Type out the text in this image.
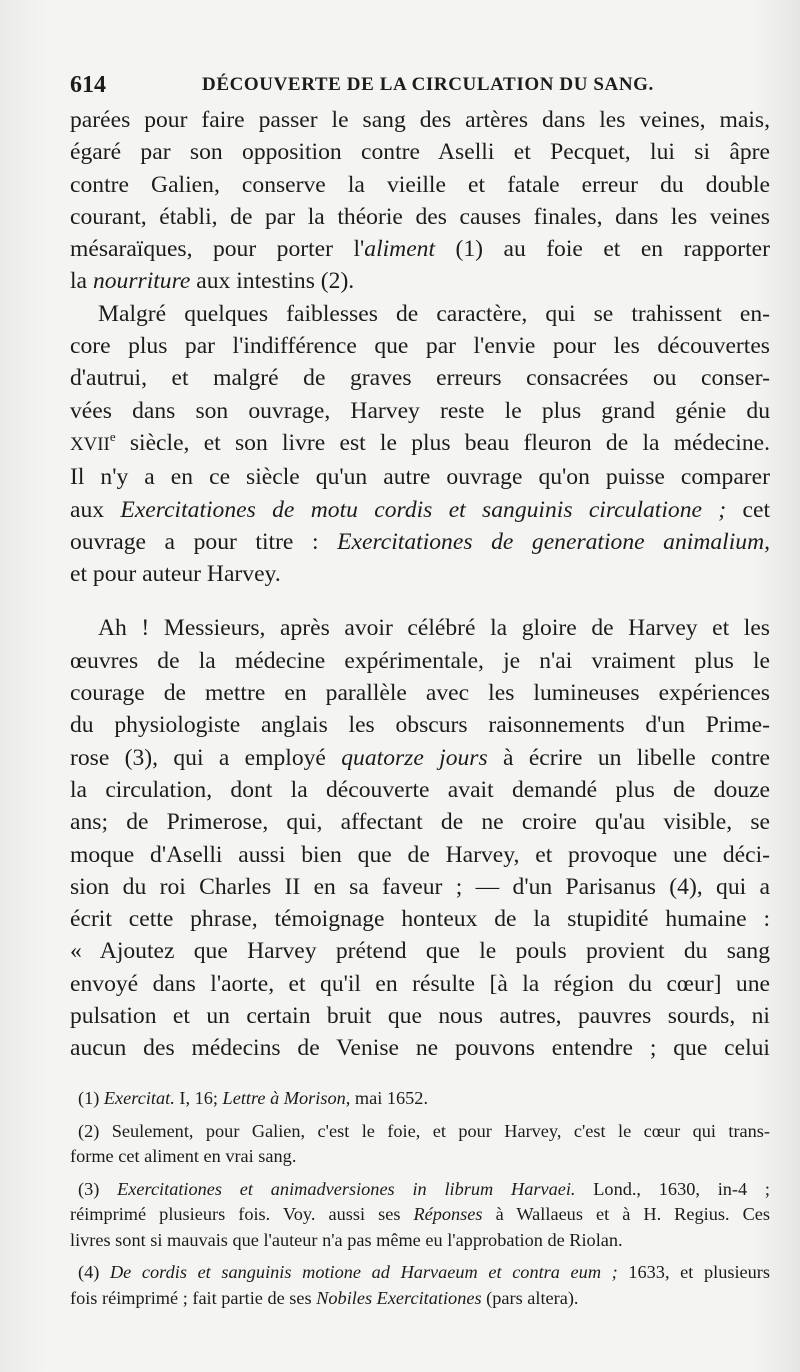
614	DÉCOUVERTE DE LA CIRCULATION DU SANG.
parées pour faire passer le sang des artères dans les veines, mais,
égaré par son opposition contre Aselli et Pecquet, lui si âpre
contre Galien, conserve la vieille et fatale erreur du double
courant, établi, de par la théorie des causes finales, dans les veines
mésaraïques, pour porter l'aliment (1) au foie et en rapporter
la nourriture aux intestins (2).
Malgré quelques faiblesses de caractère, qui se trahissent en-
core plus par l'indifférence que par l'envie pour les découvertes
d'autrui, et malgré de graves erreurs consacrées ou conser-
vées dans son ouvrage, Harvey reste le plus grand génie du
XVIIe siècle, et son livre est le plus beau fleuron de la médecine.
Il n'y a en ce siècle qu'un autre ouvrage qu'on puisse comparer
aux Exercitationes de motu cordis et sanguinis circulatione ; cet
ouvrage a pour titre : Exercitationes de generatione animalium,
et pour auteur Harvey.
Ah ! Messieurs, après avoir célébré la gloire de Harvey et les
œuvres de la médecine expérimentale, je n'ai vraiment plus le
courage de mettre en parallèle avec les lumineuses expériences
du physiologiste anglais les obscurs raisonnements d'un Prime-
rose (3), qui a employé quatorze jours à écrire un libelle contre
la circulation, dont la découverte avait demandé plus de douze
ans; de Primerose, qui, affectant de ne croire qu'au visible, se
moque d'Aselli aussi bien que de Harvey, et provoque une déci-
sion du roi Charles II en sa faveur ; — d'un Parisanus (4), qui a
écrit cette phrase, témoignage honteux de la stupidité humaine :
« Ajoutez que Harvey prétend que le pouls provient du sang
envoyé dans l'aorte, et qu'il en résulte [à la région du cœur] une
pulsation et un certain bruit que nous autres, pauvres sourds, ni
aucun des médecins de Venise ne pouvons entendre ; que celui
(1) Exercitat. I, 16; Lettre à Morison, mai 1652.
(2) Seulement, pour Galien, c'est le foie, et pour Harvey, c'est le cœur qui trans-
forme cet aliment en vrai sang.
(3) Exercitationes et animadversiones in librum Harvaei. Lond., 1630, in-4 ;
réimprimé plusieurs fois. Voy. aussi ses Réponses à Wallaeus et à H. Regius. Ces
livres sont si mauvais que l'auteur n'a pas même eu l'approbation de Riolan.
(4) De cordis et sanguinis motione ad Harvaeum et contra eum ; 1633, et plusieurs
fois réimprimé ; fait partie de ses Nobiles Exercitationes (pars altera).
